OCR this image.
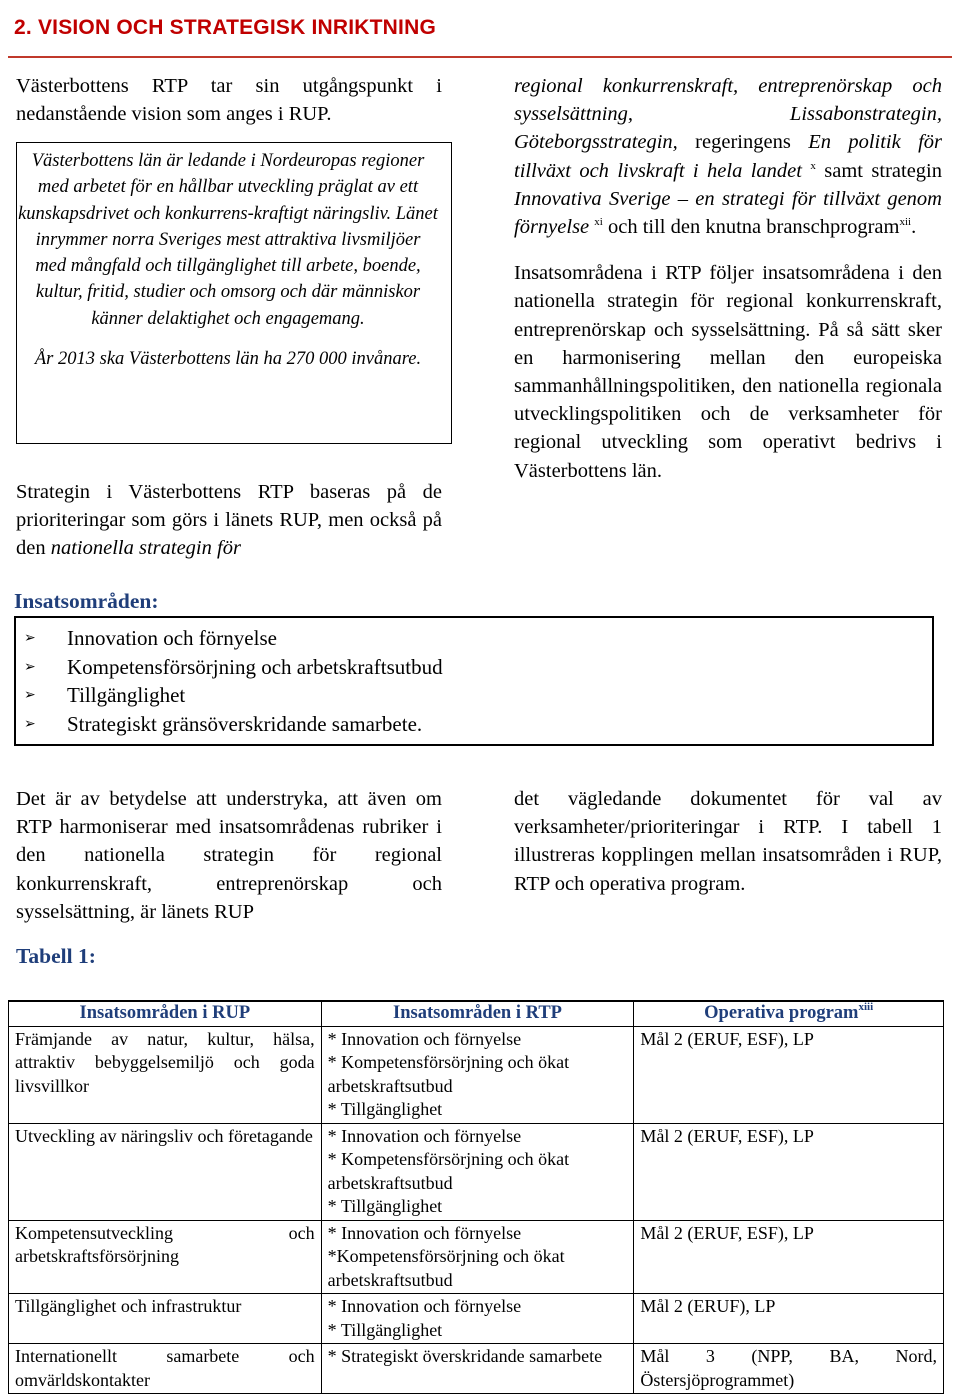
2. VISION OCH STRATEGISK INRIKTNING

Västerbottens RTP tar sin utgångspunkt i nedanstående vision som anges i RUP.

Västerbottens län är ledande i Nordeuropas regioner med arbetet för en hållbar utveckling präglat av ett kunskapsdrivet och konkurrens-kraftigt näringsliv. Länet inrymmer norra Sveriges mest attraktiva livsmiljöer med mångfald och tillgänglighet till arbete, boende, kultur, fritid, studier och omsorg och där människor känner delaktighet och engagemang.

År 2013 ska Västerbottens län ha 270 000 invånare.

Strategin i Västerbottens RTP baseras på de prioriteringar som görs i länets RUP, men också på den nationella strategin för

regional konkurrenskraft, entreprenörskap och sysselsättning, Lissabonstrategin, Göteborgsstrategin, regeringens En politik för tillväxt och livskraft i hela landet $^x$ samt strategin Innovativa Sverige – en strategi för tillväxt genom förnyelse $^{xi}$ och till den knutna branschprogram$^{xii}$.

Insatsområdena i RTP följer insatsområdena i den nationella strategin för regional konkurrenskraft, entreprenörskap och sysselsättning. På så sätt sker en harmonisering mellan den europeiska sammanhållningspolitiken, den nationella regionala utvecklingspolitiken och de verksamheter för regional utveckling som operativt bedrivs i Västerbottens län.

Insatsområden:
➢	Innovation och förnyelse
➢	Kompetensförsörjning och arbetskraftsutbud
➢	Tillgänglighet
➢	Strategiskt gränsöverskridande samarbete.
Det är av betydelse att understryka, att även om RTP harmoniserar med insatsområdenas rubriker i den nationella strategin för regional konkurrenskraft, entreprenörskap och sysselsättning, är länets RUP
det vägledande dokumentet för val av verksamheter/prioriteringar i RTP. I tabell 1 illustreras kopplingen mellan insatsområden i RUP, RTP och operativa program.
Tabell 1:
Insatsområden i RUP	Insatsområden i RTP	Operativa program$^{xiii}$
Främjande av natur, kultur, hälsa, attraktiv bebyggelsemiljö och goda livsvillkor	* Innovation och förnyelse
* Kompetensförsörjning och ökat arbetskraftsutbud
* Tillgänglighet	Mål 2 (ERUF, ESF), LP
Utveckling av näringsliv och företagande	* Innovation och förnyelse
* Kompetensförsörjning och ökat arbetskraftsutbud
* Tillgänglighet	Mål 2 (ERUF, ESF), LP
Kompetensutveckling och arbetskraftsförsörjning	* Innovation och förnyelse
*Kompetensförsörjning och ökat arbetskraftsutbud	Mål 2 (ERUF, ESF), LP
Tillgänglighet och infrastruktur	* Innovation och förnyelse
* Tillgänglighet	Mål 2 (ERUF), LP
Internationellt samarbete och omvärldskontakter	* Strategiskt överskridande samarbete	Mål 3 (NPP, BA, Nord, Östersjöprogrammet)
